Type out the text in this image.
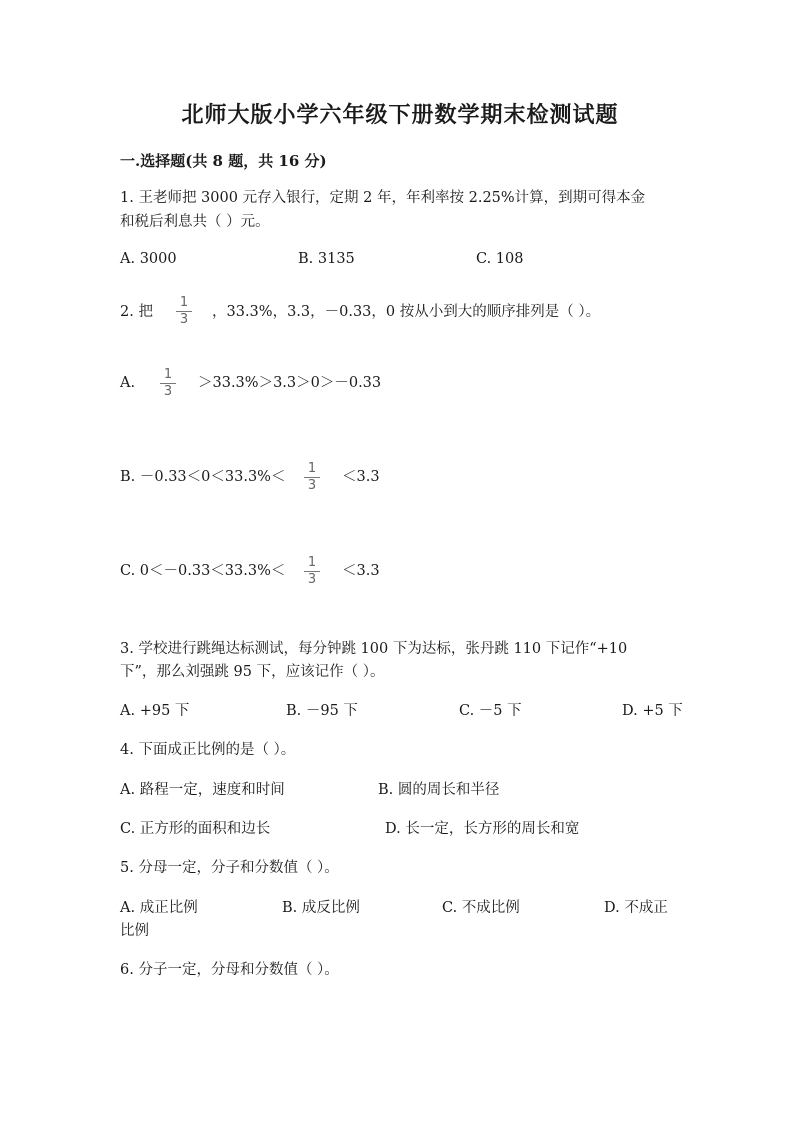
北师大版小学六年级下册数学期末检测试题
一.选择题(共 8 题，共 16 分)
1. 王老师把 3000 元存入银行，定期 2 年，年利率按 2.25%计算，到期可得本金
和税后利息共（ ）元。
A. 3000	B. 3135	C. 108
2. 把
1
3 ，33.3%，3.3，－0.33，0 按从小到大的顺序排列是（ ）。
A.
1
3
＞33.3%＞3.3＞0＞－0.33
B. －0.33＜0＜33.3%＜
1
3
＜3.3
C. 0＜－0.33＜33.3%＜
1
3
＜3.3
3. 学校进行跳绳达标测试，每分钟跳 100 下为达标，张丹跳 110 下记作“+10
下”，那么刘强跳 95 下，应该记作（ ）。
A. +95 下	B. －95 下	C. －5 下	D. +5 下
4. 下面成正比例的是（ ）。
A. 路程一定，速度和时间	B. 圆的周长和半径
C. 正方形的面积和边长	D. 长一定，长方形的周长和宽
5. 分母一定，分子和分数值（ ）。
A. 成正比例	B. 成反比例	C. 不成比例	D. 不成正
比例
6. 分子一定，分母和分数值（ ）。
